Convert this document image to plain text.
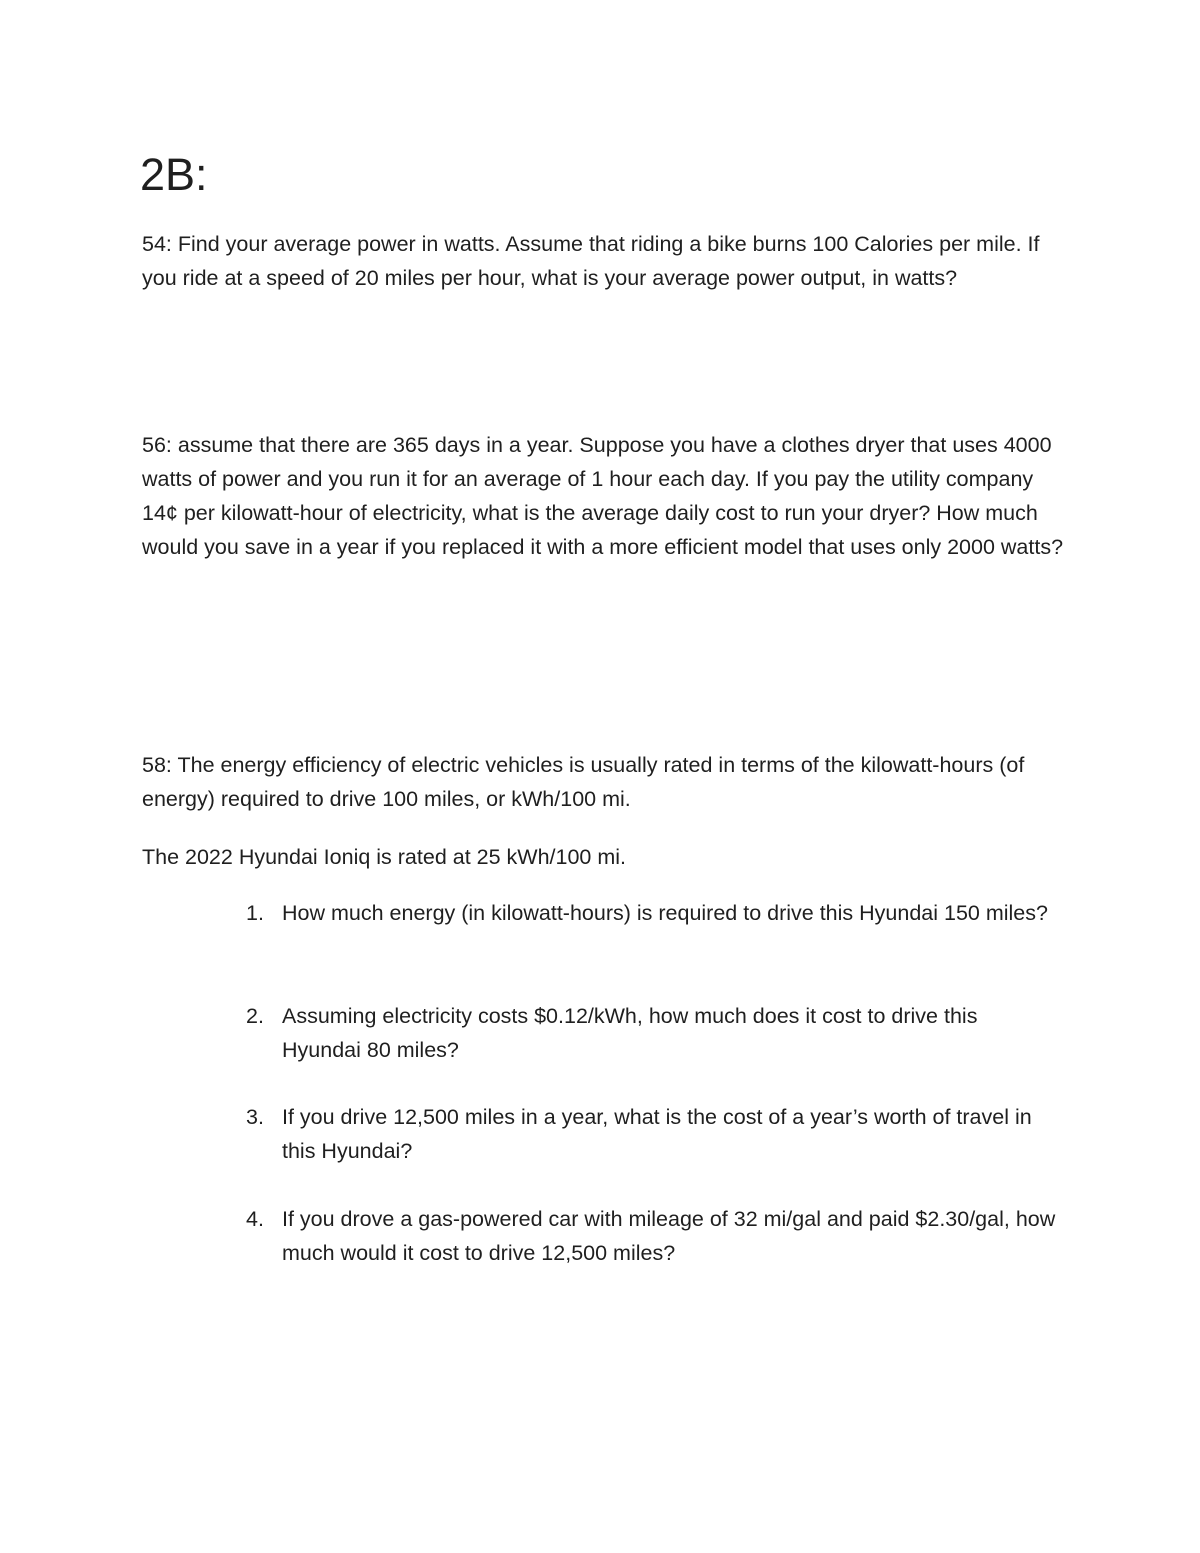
2B:

54: Find your average power in watts. Assume that riding a bike burns 100 Calories per mile. If you ride at a speed of 20 miles per hour, what is your average power output, in watts?

56: assume that there are 365 days in a year. Suppose you have a clothes dryer that uses 4000 watts of power and you run it for an average of 1 hour each day. If you pay the utility company 14¢ per kilowatt-hour of electricity, what is the average daily cost to run your dryer? How much would you save in a year if you replaced it with a more efficient model that uses only 2000 watts?

58: The energy efficiency of electric vehicles is usually rated in terms of the kilowatt-hours (of energy) required to drive 100 miles, or kWh/100 mi.

The 2022 Hyundai Ioniq is rated at 25 kWh/100 mi.

1. How much energy (in kilowatt-hours) is required to drive this Hyundai 150 miles?
2. Assuming electricity costs $0.12/kWh, how much does it cost to drive this Hyundai 80 miles?
3. If you drive 12,500 miles in a year, what is the cost of a year’s worth of travel in this Hyundai?
4. If you drove a gas-powered car with mileage of 32 mi/gal and paid $2.30/gal, how much would it cost to drive 12,500 miles?
